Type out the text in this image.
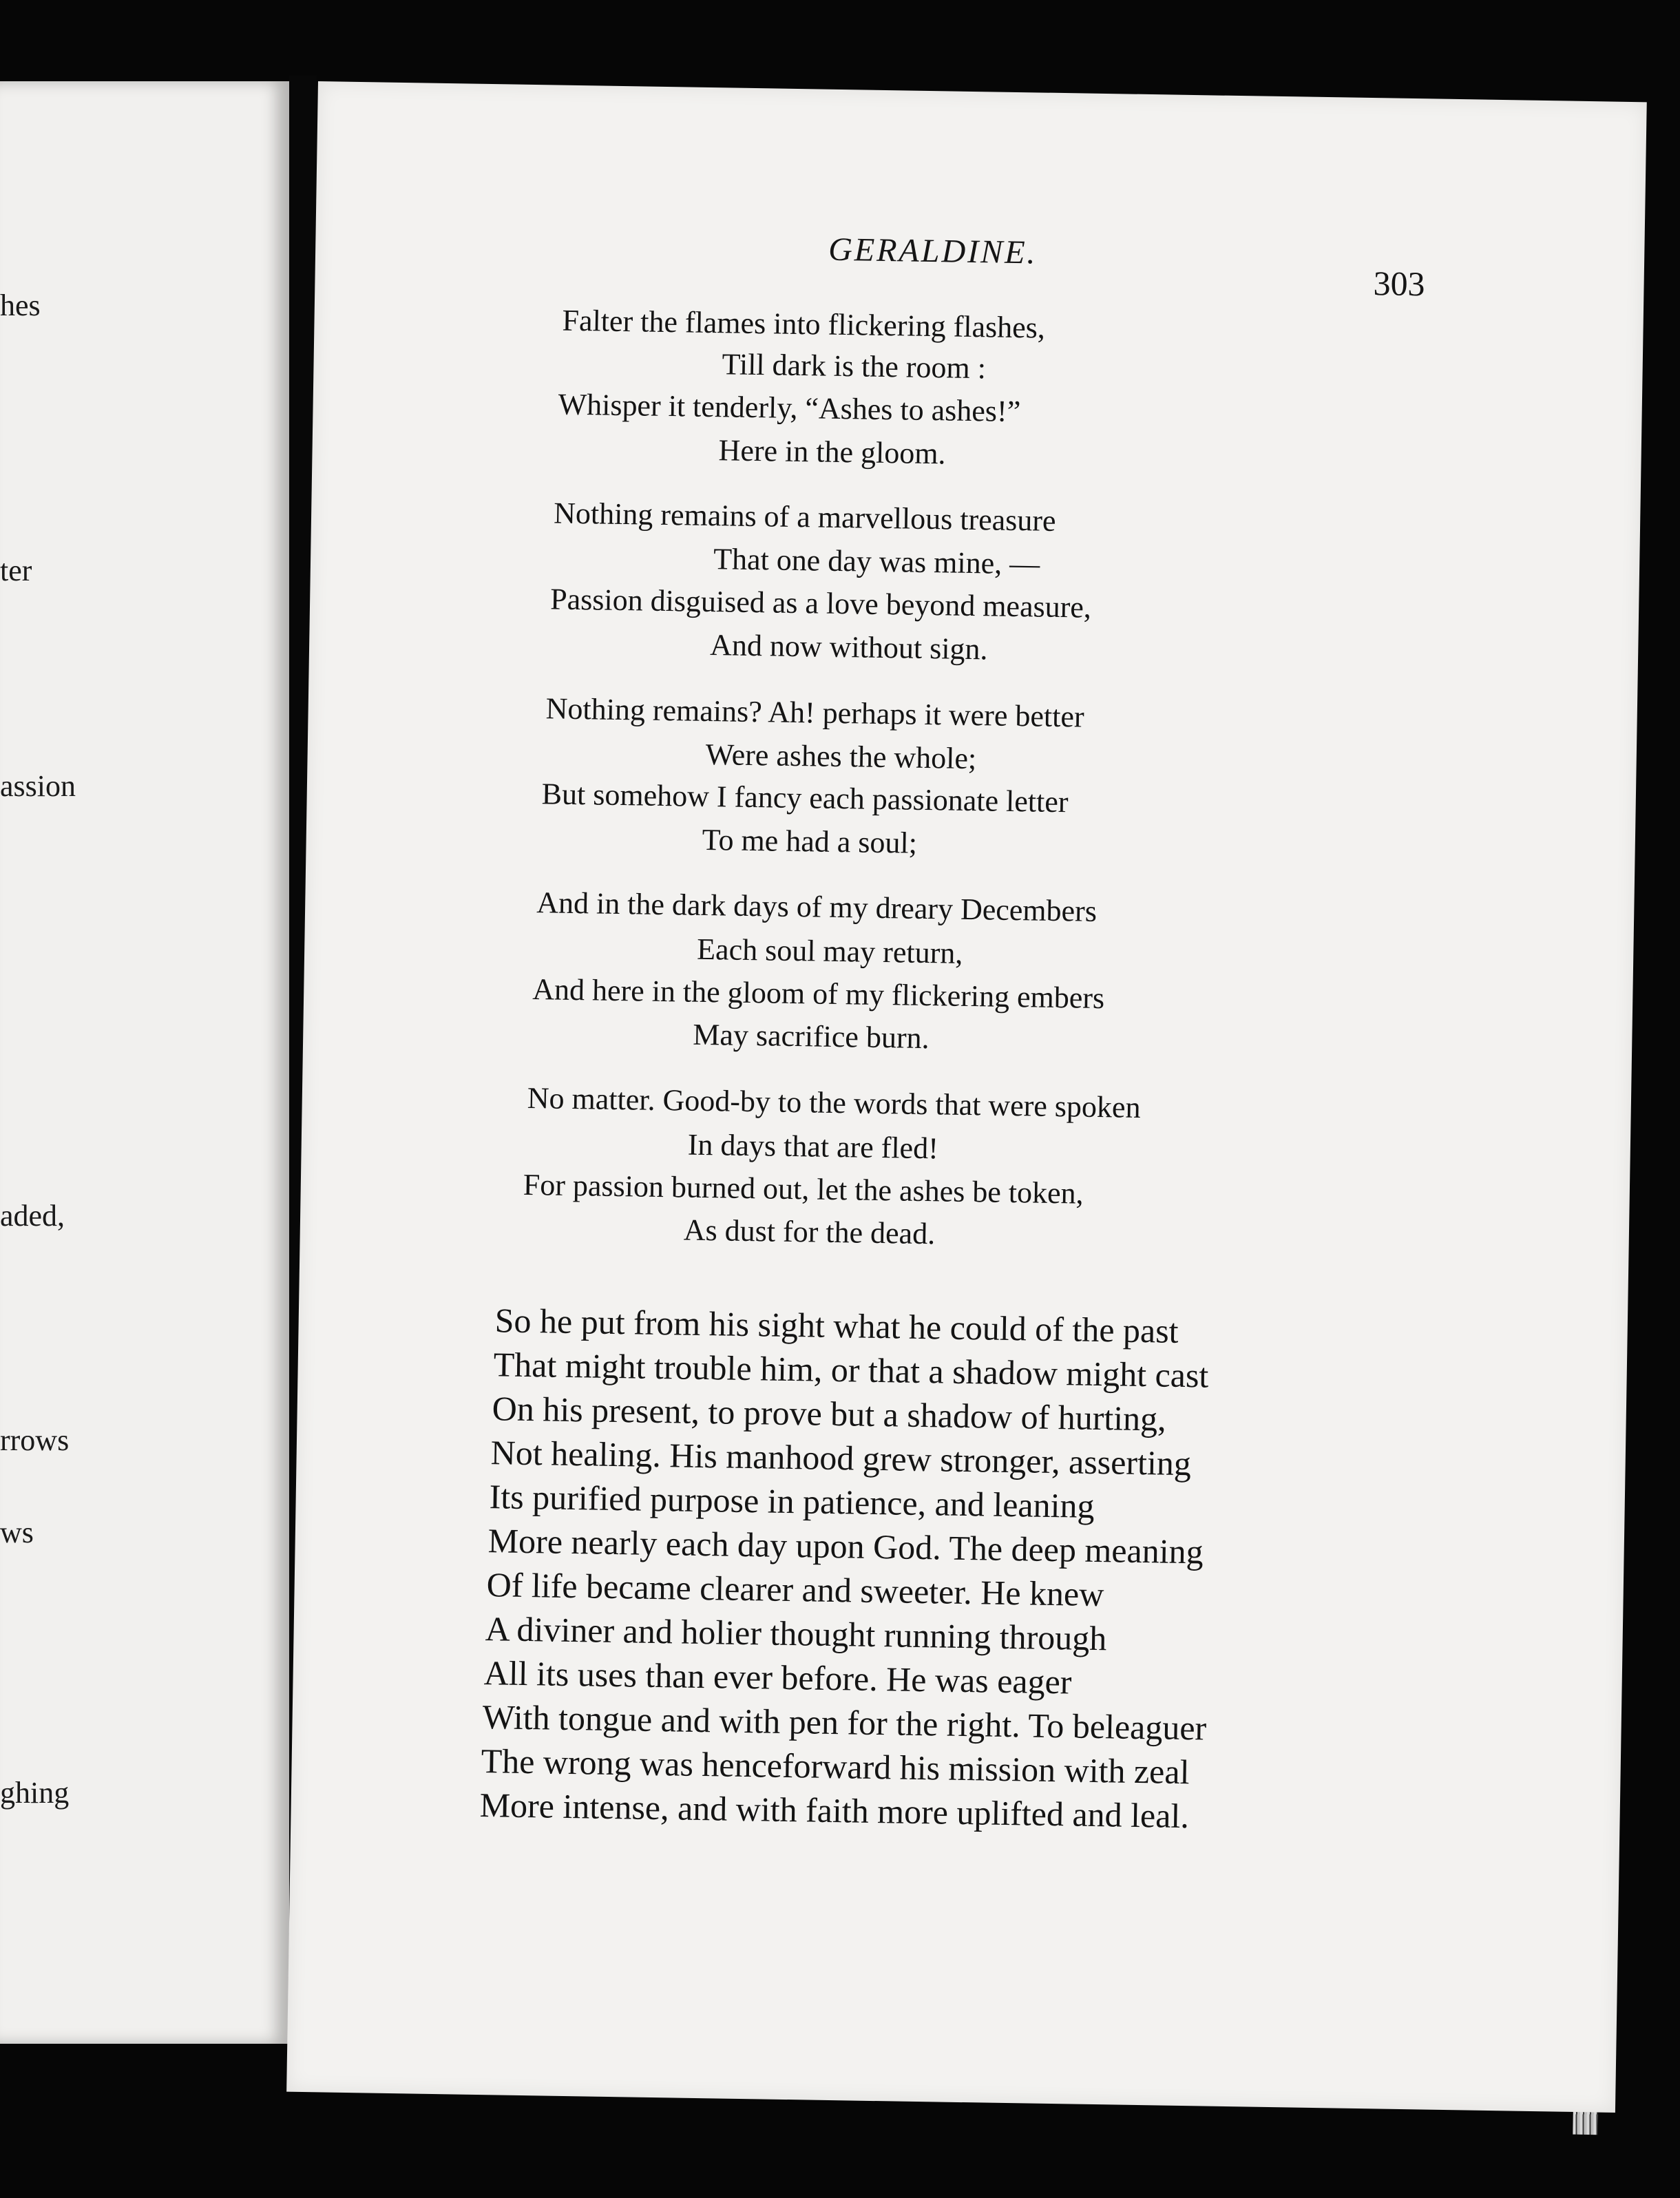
hes
ter
assion
aded,
rrows
ws
ghing
GERALDINE.
303
Falter the flames into flickering flashes,
Till dark is the room :
Whisper it tenderly, “Ashes to ashes!”
Here in the gloom.
Nothing remains of a marvellous treasure
That one day was mine, —
Passion disguised as a love beyond measure,
And now without sign.
Nothing remains? Ah! perhaps it were better
Were ashes the whole;
But somehow I fancy each passionate letter
To me had a soul;
And in the dark days of my dreary Decembers
Each soul may return,
And here in the gloom of my flickering embers
May sacrifice burn.
No matter. Good-by to the words that were spoken
In days that are fled!
For passion burned out, let the ashes be token,
As dust for the dead.
So he put from his sight what he could of the past
That might trouble him, or that a shadow might cast
On his present, to prove but a shadow of hurting,
Not healing. His manhood grew stronger, asserting
Its purified purpose in patience, and leaning
More nearly each day upon God. The deep meaning
Of life became clearer and sweeter. He knew
A diviner and holier thought running through
All its uses than ever before. He was eager
With tongue and with pen for the right. To beleaguer
The wrong was henceforward his mission with zeal
More intense, and with faith more uplifted and leal.
